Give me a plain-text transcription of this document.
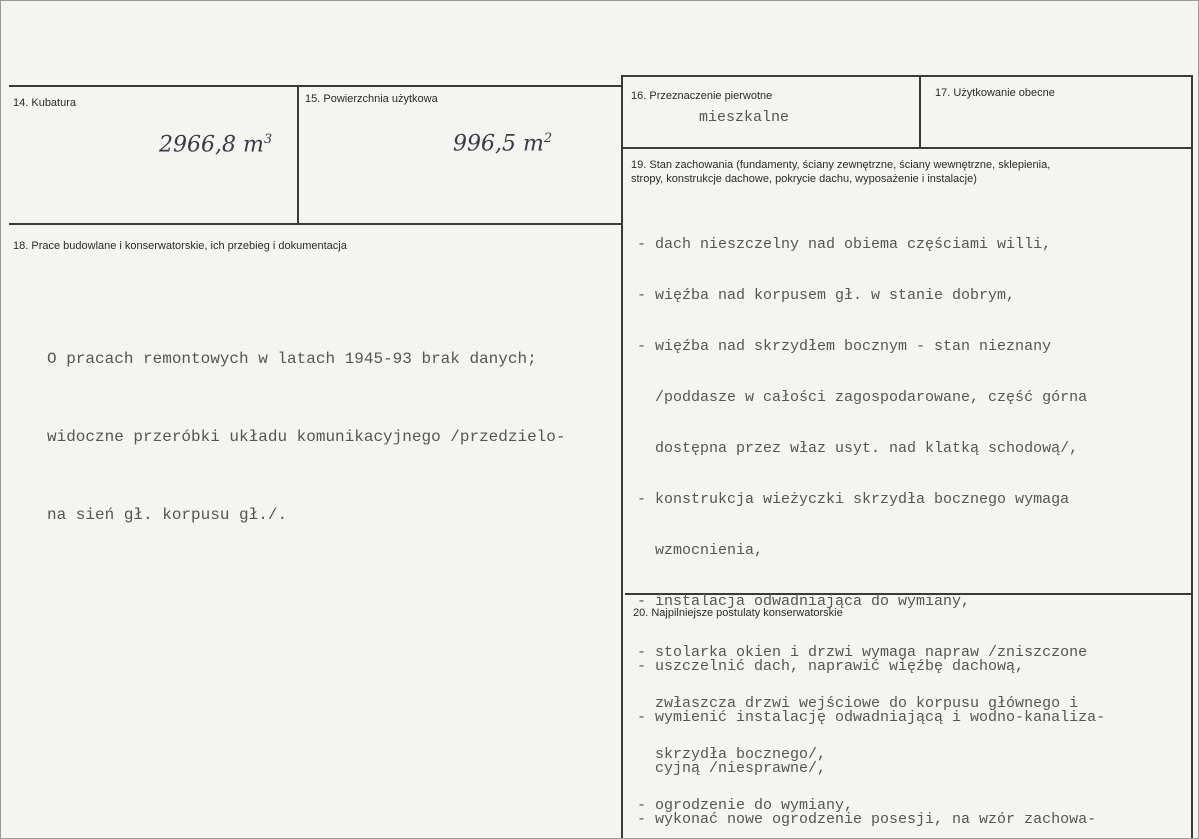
14. Kubatura
2966,8 $m^3$
15. Powierzchnia użytkowa
996,5 $m^2$
16. Przeznaczenie pierwotne
mieszkalne
17. Użytkowanie obecne
18. Prace budowlane i konserwatorskie, ich przebieg i dokumentacja

O pracach remontowych w latach 1945-93 brak danych;

widoczne przeróbki układu komunikacyjnego /przedzielo-

na sień gł. korpusu gł./.

19. Stan zachowania (fundamenty, ściany zewnętrzne, ściany wewnętrzne, sklepienia,
stropy, konstrukcje dachowe, pokrycie dachu, wyposażenie i instalacje)

- dach nieszczelny nad obiema częściami willi,

- więźba nad korpusem gł. w stanie dobrym,

- więźba nad skrzydłem bocznym - stan nieznany

/poddasze w całości zagospodarowane, część górna

dostępna przez właz usyt. nad klatką schodową/,

- konstrukcja wieżyczki skrzydła bocznego wymaga

wzmocnienia,

- instalacja odwadniająca do wymiany,

- stolarka okien i drzwi wymaga napraw /zniszczone

zwłaszcza drzwi wejściowe do korpusu głównego i

skrzydła bocznego/,

- ogrodzenie do wymiany,

20. Najpilniejsze postulaty konserwatorskie

- uszczelnić dach, naprawić więźbę dachową,

- wymienić instalację odwadniającą i wodno-kanaliza-

cyjną /niesprawne/,

- wykonać nowe ogrodzenie posesji, na wzór zachowa-
